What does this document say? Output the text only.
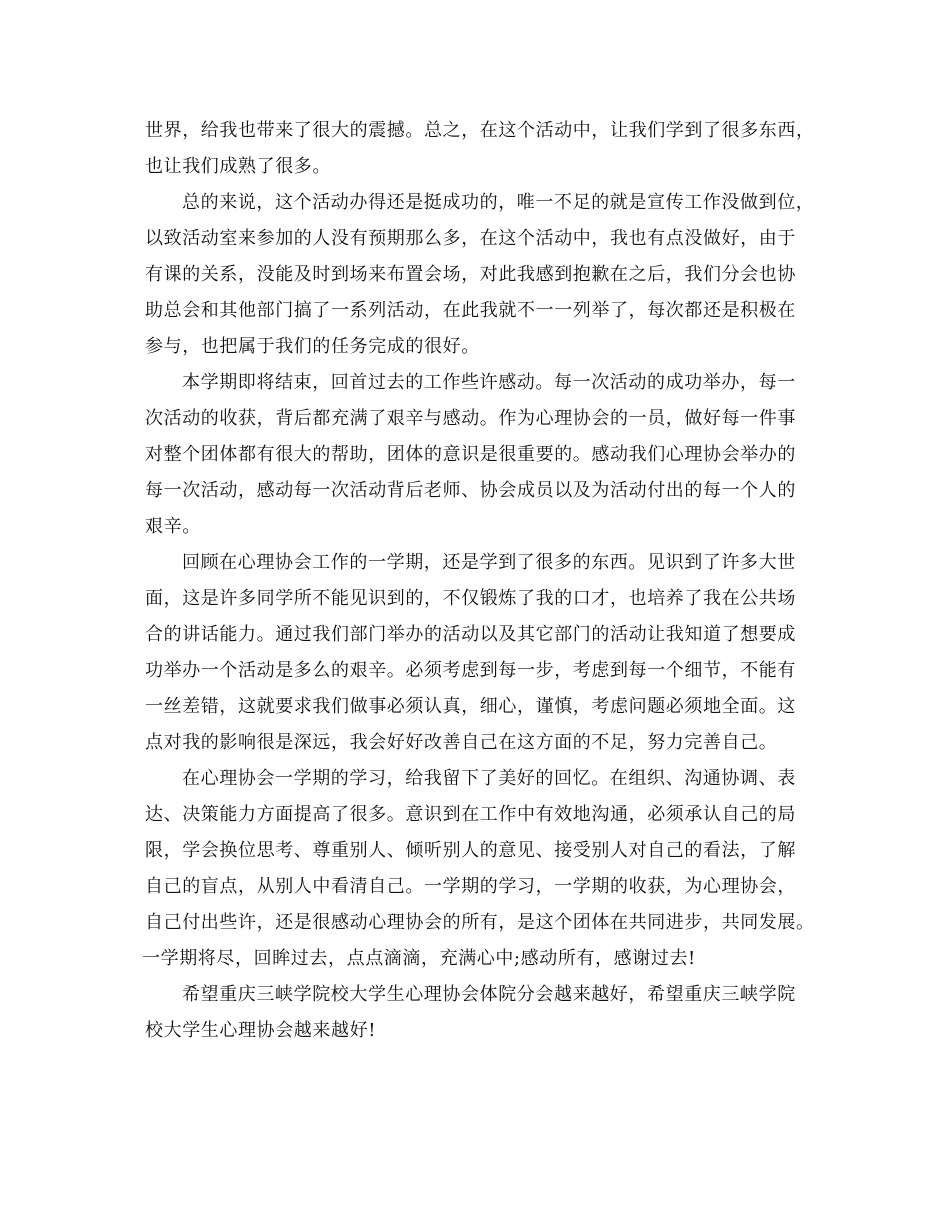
世界，给我也带来了很大的震撼。总之，在这个活动中，让我们学到了很多东西，
也让我们成熟了很多。
总的来说，这个活动办得还是挺成功的，唯一不足的就是宣传工作没做到位，
以致活动室来参加的人没有预期那么多，在这个活动中，我也有点没做好，由于
有课的关系，没能及时到场来布置会场，对此我感到抱歉在之后，我们分会也协
助总会和其他部门搞了一系列活动，在此我就不一一列举了，每次都还是积极在
参与，也把属于我们的任务完成的很好。
本学期即将结束，回首过去的工作些许感动。每一次活动的成功举办，每一
次活动的收获，背后都充满了艰辛与感动。作为心理协会的一员，做好每一件事
对整个团体都有很大的帮助，团体的意识是很重要的。感动我们心理协会举办的
每一次活动，感动每一次活动背后老师、协会成员以及为活动付出的每一个人的
艰辛。
回顾在心理协会工作的一学期，还是学到了很多的东西。见识到了许多大世
面，这是许多同学所不能见识到的，不仅锻炼了我的口才，也培养了我在公共场
合的讲话能力。通过我们部门举办的活动以及其它部门的活动让我知道了想要成
功举办一个活动是多么的艰辛。必须考虑到每一步，考虑到每一个细节，不能有
一丝差错，这就要求我们做事必须认真，细心，谨慎，考虑问题必须地全面。这
点对我的影响很是深远，我会好好改善自己在这方面的不足，努力完善自己。
在心理协会一学期的学习，给我留下了美好的回忆。在组织、沟通协调、表
达、决策能力方面提高了很多。意识到在工作中有效地沟通，必须承认自己的局
限，学会换位思考、尊重别人、倾听别人的意见、接受别人对自己的看法，了解
自己的盲点，从别人中看清自己。一学期的学习，一学期的收获，为心理协会，
自己付出些许，还是很感动心理协会的所有，是这个团体在共同进步，共同发展。
一学期将尽，回眸过去，点点滴滴，充满心中;感动所有，感谢过去!
希望重庆三峡学院校大学生心理协会体院分会越来越好，希望重庆三峡学院
校大学生心理协会越来越好!
